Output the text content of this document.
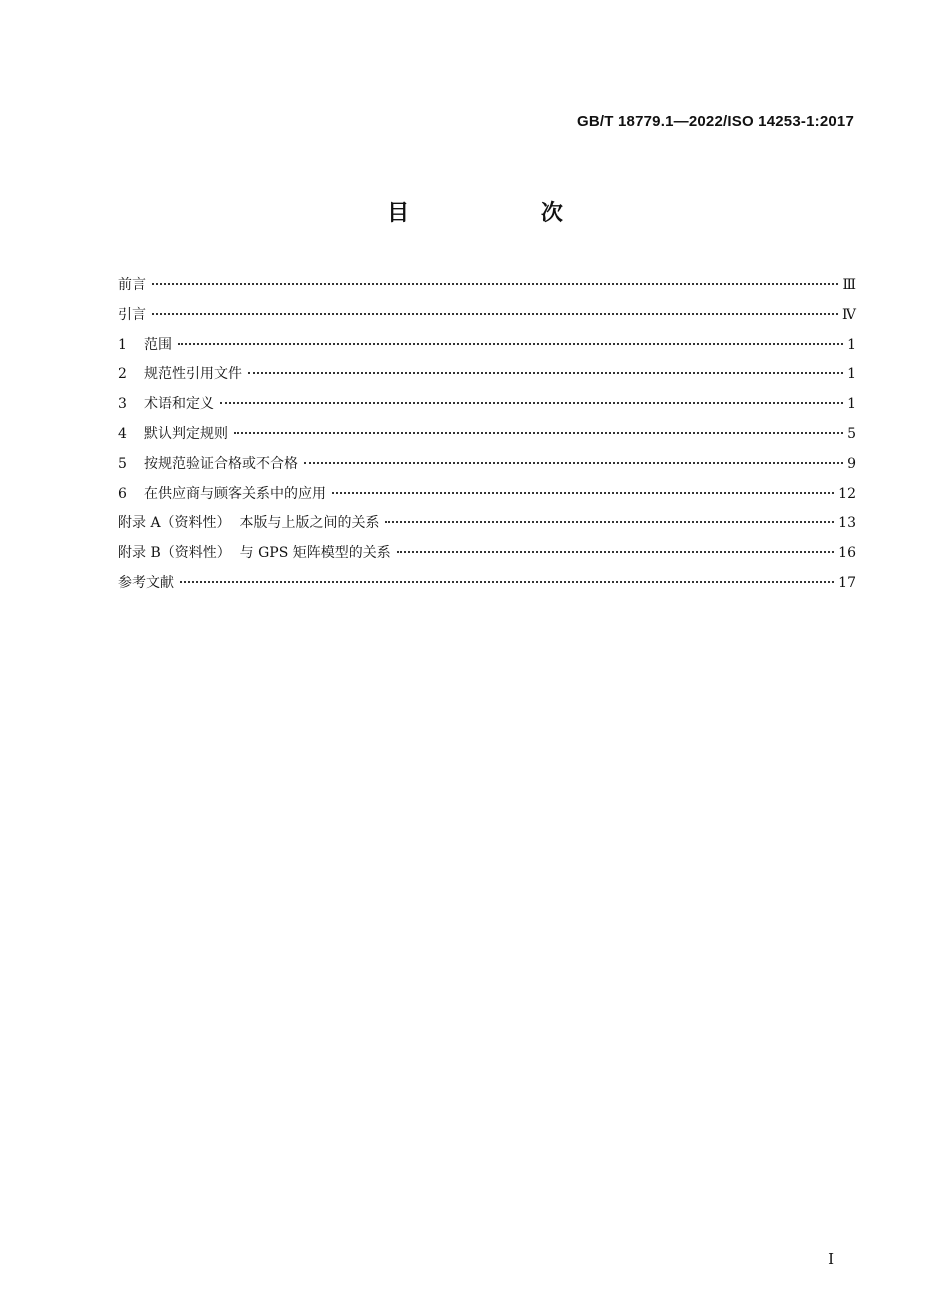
GB/T 18779.1—2022/ISO 14253-1:2017
目 次
前言	Ⅲ
引言	Ⅳ
1 范围	1
2 规范性引用文件	1
3 术语和定义	1
4 默认判定规则	5
5 按规范验证合格或不合格	9
6 在供应商与顾客关系中的应用	12
附录 A（资料性）  本版与上版之间的关系	13
附录 B（资料性）  与 GPS 矩阵模型的关系	16
参考文献	17
I
